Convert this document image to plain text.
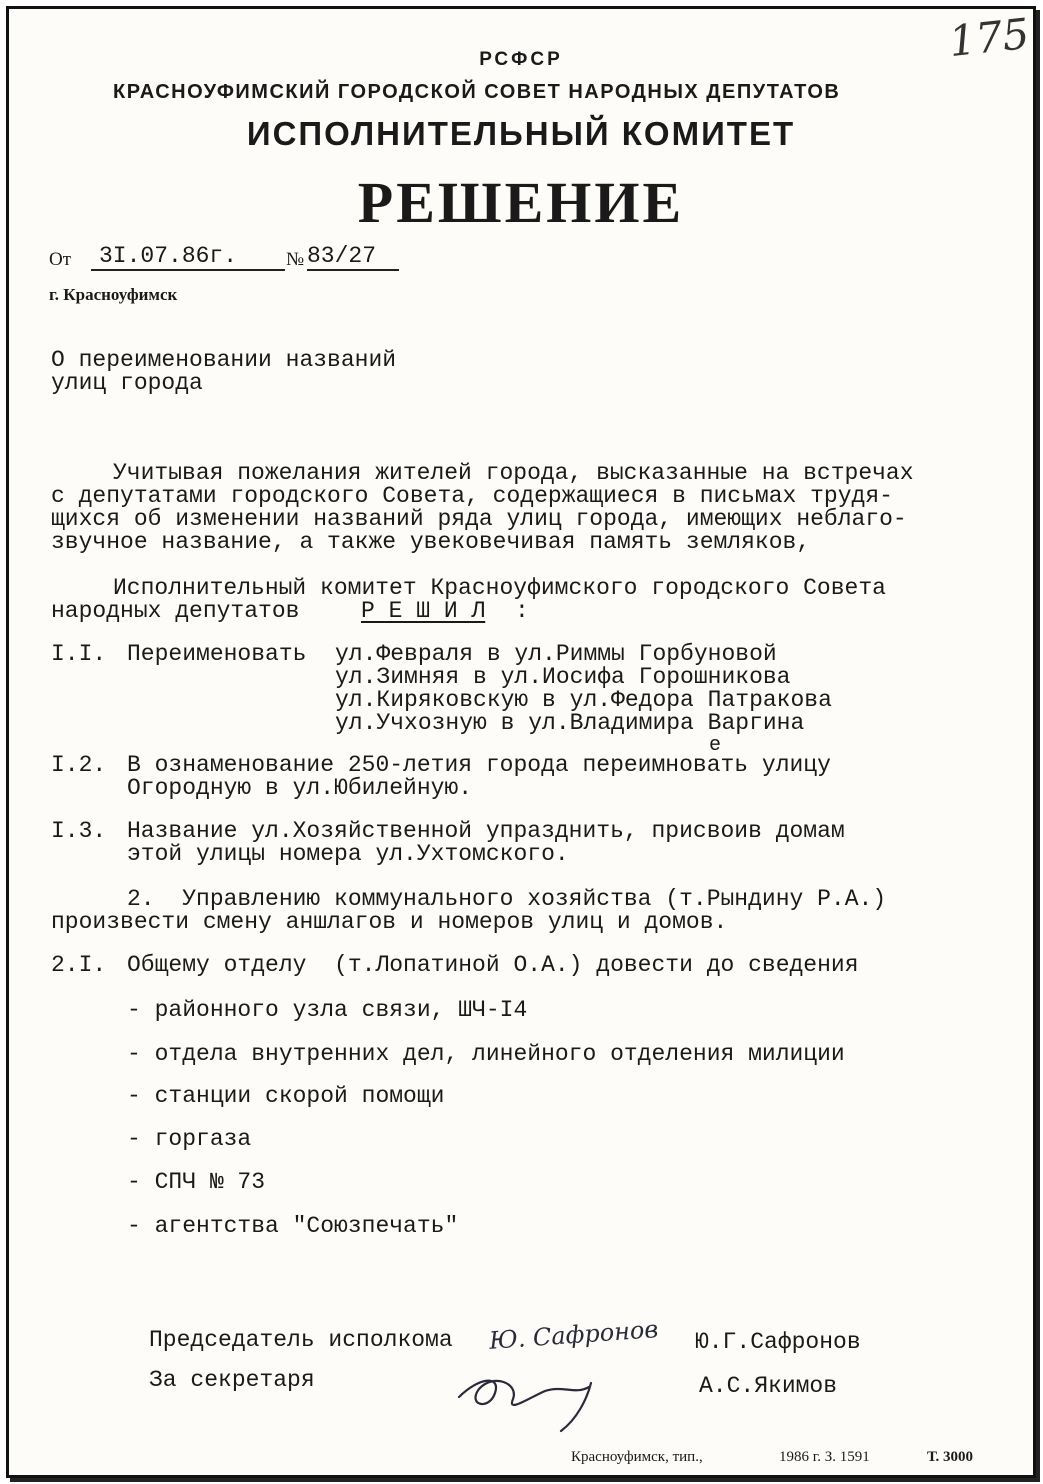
175
РСФСР
КРАСНОУФИМСКИЙ ГОРОДСКОЙ СОВЕТ НАРОДНЫХ ДЕПУТАТОВ
ИСПОЛНИТЕЛЬНЫЙ КОМИТЕТ
РЕШЕНИЕ
От	3I.07.86г.	№ 83/27
г. Красноуфимск
О переименовании названий
улиц города
Учитывая пожелания жителей города, высказанные на встречах
с депутатами городского Совета, содержащиеся в письмах трудя-
щихся об изменении названий ряда улиц города, имеющих неблаго-
звучное название, а также увековечивая память земляков,
Исполнительный комитет Красноуфимского городского Совета
народных депутатов	Р Е Ш И Л :
I.I. Переименовать ул.Февраля в ул.Риммы Горбуновой
ул.Зимняя в ул.Иосифа Горошникова
ул.Киряковскую в ул.Федора Патракова
ул.Учхозную в ул.Владимира Варгина
е
I.2. В ознаменование 250-летия города переимновать улицу
Огородную в ул.Юбилейную.
I.3. Название ул.Хозяйственной упразднить, присвоив домам
этой улицы номера ул.Ухтомского.
2.  Управлению коммунального хозяйства (т.Рындину Р.А.)
произвести смену аншлагов и номеров улиц и домов.
2.I. Общему отделу  (т.Лопатиной О.А.) довести до сведения
- районного узла связи, ШЧ-I4
- отдела внутренних дел, линейного отделения милиции
- станции скорой помощи
- горгаза
- СПЧ № 73
- агентства "Союзпечать"
Председатель исполкома Ю. Сафронов Ю.Г.Сафронов
За секретаря	А.С.Якимов
Красноуфимск, тип.,	1986 г. З. 1591	Т. 3000
